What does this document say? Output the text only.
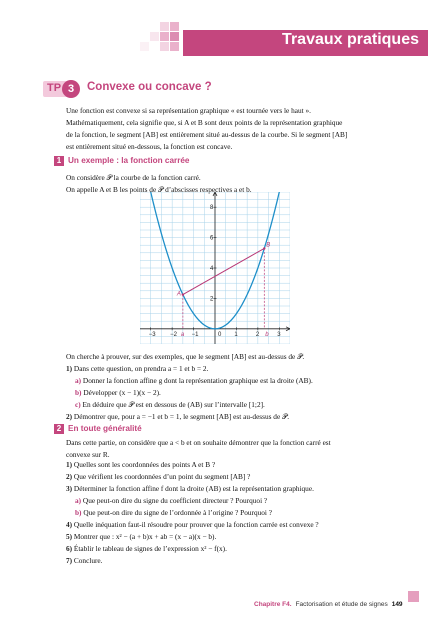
Travaux pratiques
TP 3	Convexe ou concave ?
Une fonction est convexe si sa représentation graphique « est tournée vers le haut ».
Mathématiquement, cela signifie que, si A et B sont deux points de la représentation graphique
de la fonction, le segment [AB] est entièrement situé au-dessus de la courbe. Si le segment [AB]
est entièrement situé en-dessous, la fonction est concave.
1 Un exemple : la fonction carrée
On considère 𝒫 la courbe de la fonction carré.
On appelle A et B les points de 𝒫 d’abscisses respectives a et b.
−3 −2 −1	0 1	2	3
2
4
6
8
A
B
a	b
On cherche à prouver, sur des exemples, que le segment [AB] est au-dessus de 𝒫.
1) Dans cette question, on prendra a = 1 et b = 2.
a) Donner la fonction affine g dont la représentation graphique est la droite (AB).
b) Développer (x − 1)(x − 2).
c) En déduire que 𝒫 est en dessous de (AB) sur l’intervalle [1;2].
2) Démontrer que, pour a = −1 et b = 1, le segment [AB] est au-dessus de 𝒫.
2 En toute généralité
Dans cette partie, on considère que a < b et on souhaite démontrer que la fonction carré est
convexe sur R.
1) Quelles sont les coordonnées des points A et B ?
2) Que vérifient les coordonnées d’un point du segment [AB] ?
3) Déterminer la fonction affine f dont la droite (AB) est la représentation graphique.
a) Que peut-on dire du signe du coefficient directeur ? Pourquoi ?
b) Que peut-on dire du signe de l’ordonnée à l’origine ? Pourquoi ?
4) Quelle inéquation faut-il résoudre pour prouver que la fonction carrée est convexe ?
5) Montrer que : x² − (a + b)x + ab = (x − a)(x − b).
6) Établir le tableau de signes de l’expression x² − f(x).
7) Conclure.
Chapitre F4. Factorisation et étude de signes 149
